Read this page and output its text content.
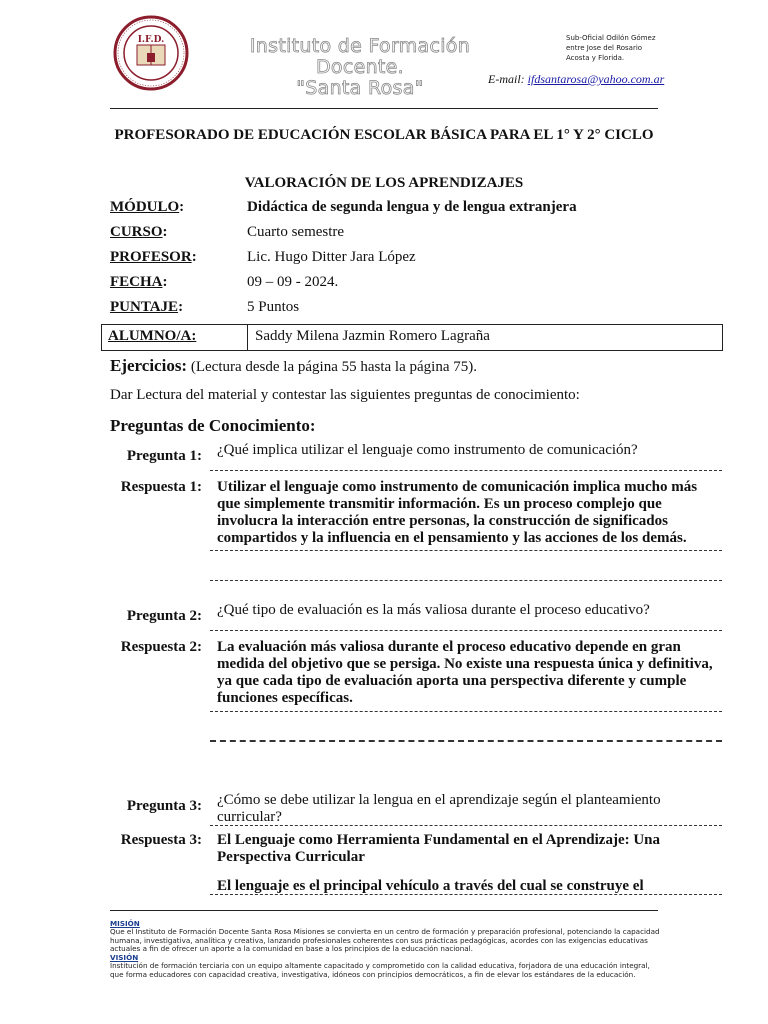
I.F.D.	Instituto de Formación
Docente.
"Santa Rosa"
Sub-Oficial Odilón Gómez entre Jose del Rosario Acosta y Florida.
E-mail: ifdsantarosa@yahoo.com.ar
PROFESORADO DE EDUCACIÓN ESCOLAR BÁSICA PARA EL 1° Y 2° CICLO
VALORACIÓN DE LOS APRENDIZAJES
MÓDULO:	Didáctica de segunda lengua y de lengua extranjera
CURSO:	Cuarto semestre
PROFESOR:	Lic. Hugo Ditter Jara López
FECHA:	09 – 09 - 2024.
PUNTAJE:	5 Puntos
ALUMNO/A:	Saddy Milena Jazmin Romero Lagraña
Ejercicios: (Lectura desde la página 55 hasta la página 75).
Dar Lectura del material y contestar las siguientes preguntas de conocimiento:
Preguntas de Conocimiento:
Pregunta 1: ¿Qué implica utilizar el lenguaje como instrumento de comunicación?
Respuesta 1: Utilizar el lenguaje como instrumento de comunicación implica mucho más que simplemente transmitir información. Es un proceso complejo que involucra la interacción entre personas, la construcción de significados compartidos y la influencia en el pensamiento y las acciones de los demás.
Pregunta 2: ¿Qué tipo de evaluación es la más valiosa durante el proceso educativo?
Respuesta 2: La evaluación más valiosa durante el proceso educativo depende en gran medida del objetivo que se persiga. No existe una respuesta única y definitiva, ya que cada tipo de evaluación aporta una perspectiva diferente y cumple funciones específicas.
Pregunta 3: ¿Cómo se debe utilizar la lengua en el aprendizaje según el planteamiento curricular?
Respuesta 3: El Lenguaje como Herramienta Fundamental en el Aprendizaje: Una Perspectiva Curricular
El lenguaje es el principal vehículo a través del cual se construye el
MISIÓN
Que el Instituto de Formación Docente Santa Rosa Misiones se convierta en un centro de formación y preparación profesional, potenciando la capacidad humana, investigativa, analítica y creativa, lanzando profesionales coherentes con sus prácticas pedagógicas, acordes con las exigencias educativas actuales a fin de ofrecer un aporte a la comunidad en base a los principios de la educación nacional.
VISIÓN
Institución de formación terciaria con un equipo altamente capacitado y comprometido con la calidad educativa, forjadora de una educación integral, que forma educadores con capacidad creativa, investigativa, idóneos con principios democráticos, a fin de elevar los estándares de la educación.
